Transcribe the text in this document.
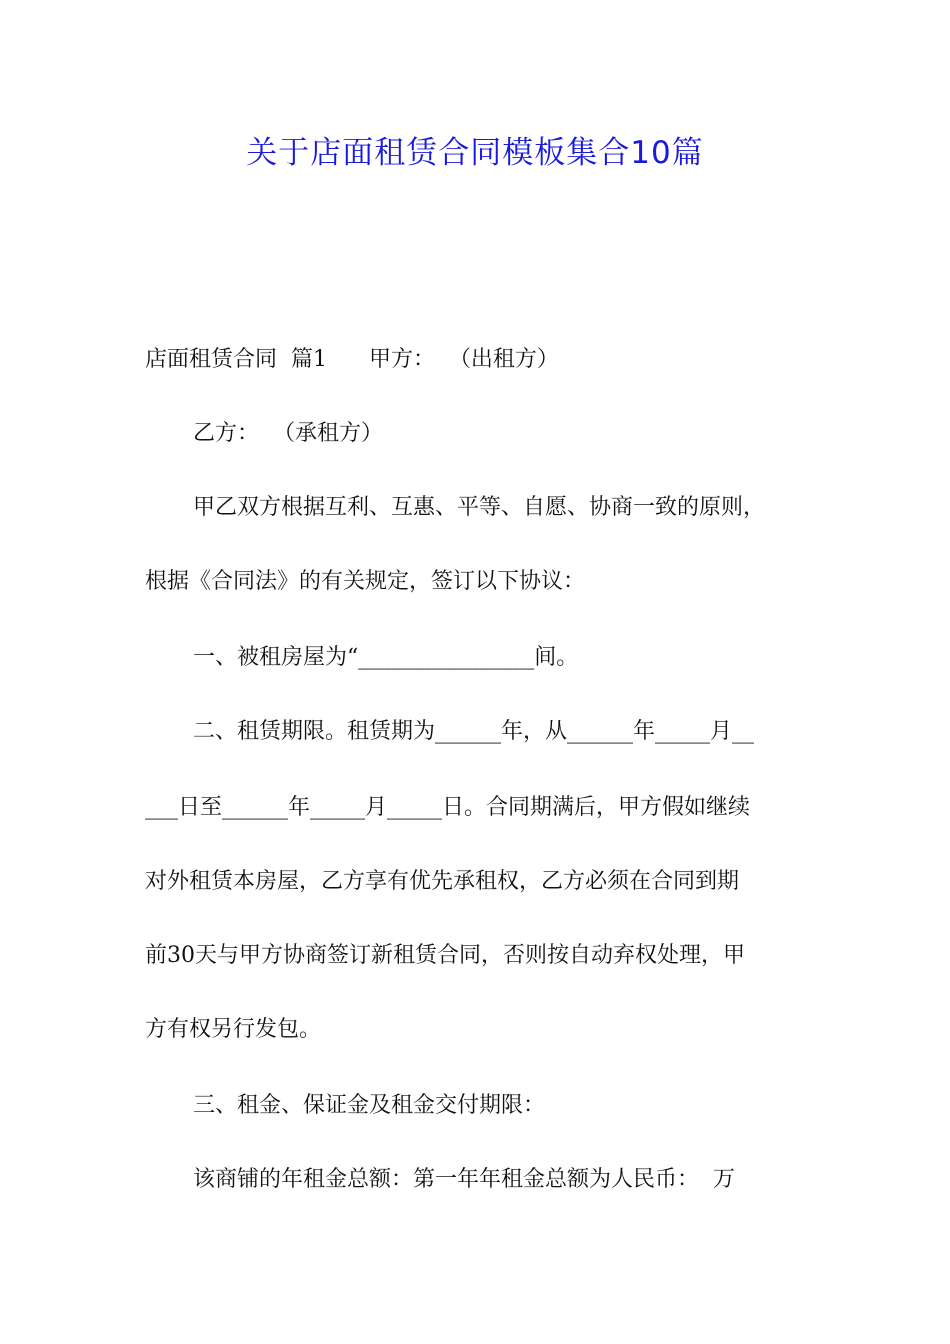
关于店面租赁合同模板集合10篇

店面租赁合同  篇1      甲方：  （出租方）

乙方：  （承租方）

甲乙双方根据互利、互惠、平等、自愿、协商一致的原则，

根据《合同法》的有关规定，签订以下协议：

一、被租房屋为“________________间。

二、租赁期限。租赁期为______年，从______年_____月__

___日至______年_____月_____日。合同期满后，甲方假如继续

对外租赁本房屋，乙方享有优先承租权，乙方必须在合同到期

前30天与甲方协商签订新租赁合同，否则按自动弃权处理，甲

方有权另行发包。

三、租金、保证金及租金交付期限：

该商铺的年租金总额：第一年年租金总额为人民币：  万
